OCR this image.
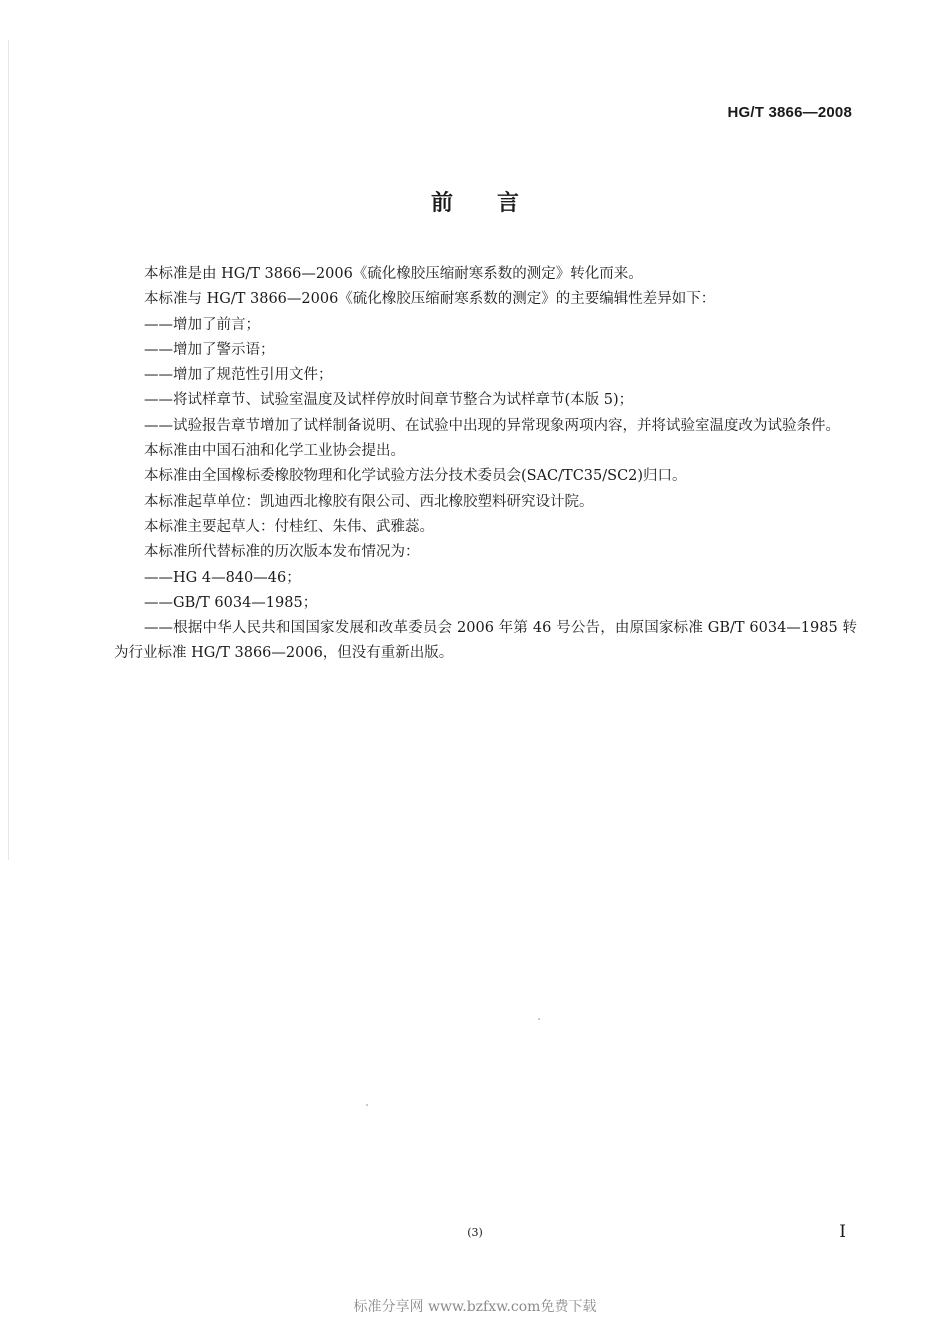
HG/T 3866—2008
前言

本标准是由 HG/T 3866—2006《硫化橡胶压缩耐寒系数的测定》转化而来。

本标准与 HG/T 3866—2006《硫化橡胶压缩耐寒系数的测定》的主要编辑性差异如下：

——增加了前言；

——增加了警示语；

——增加了规范性引用文件；

——将试样章节、试验室温度及试样停放时间章节整合为试样章节(本版 5)；

——试验报告章节增加了试样制备说明、在试验中出现的异常现象两项内容，并将试验室温度改为试验条件。

本标准由中国石油和化学工业协会提出。

本标准由全国橡标委橡胶物理和化学试验方法分技术委员会(SAC/TC35/SC2)归口。

本标准起草单位：凯迪西北橡胶有限公司、西北橡胶塑料研究设计院。

本标准主要起草人：付桂红、朱伟、武雅蕊。

本标准所代替标准的历次版本发布情况为：

——HG 4—840—46；

——GB/T 6034—1985；

——根据中华人民共和国国家发展和改革委员会 2006 年第 46 号公告，由原国家标准 GB/T 6034—1985 转为行业标准 HG/T 3866—2006，但没有重新出版。

(3)	I
标准分享网 www.bzfxw.com免费下载
